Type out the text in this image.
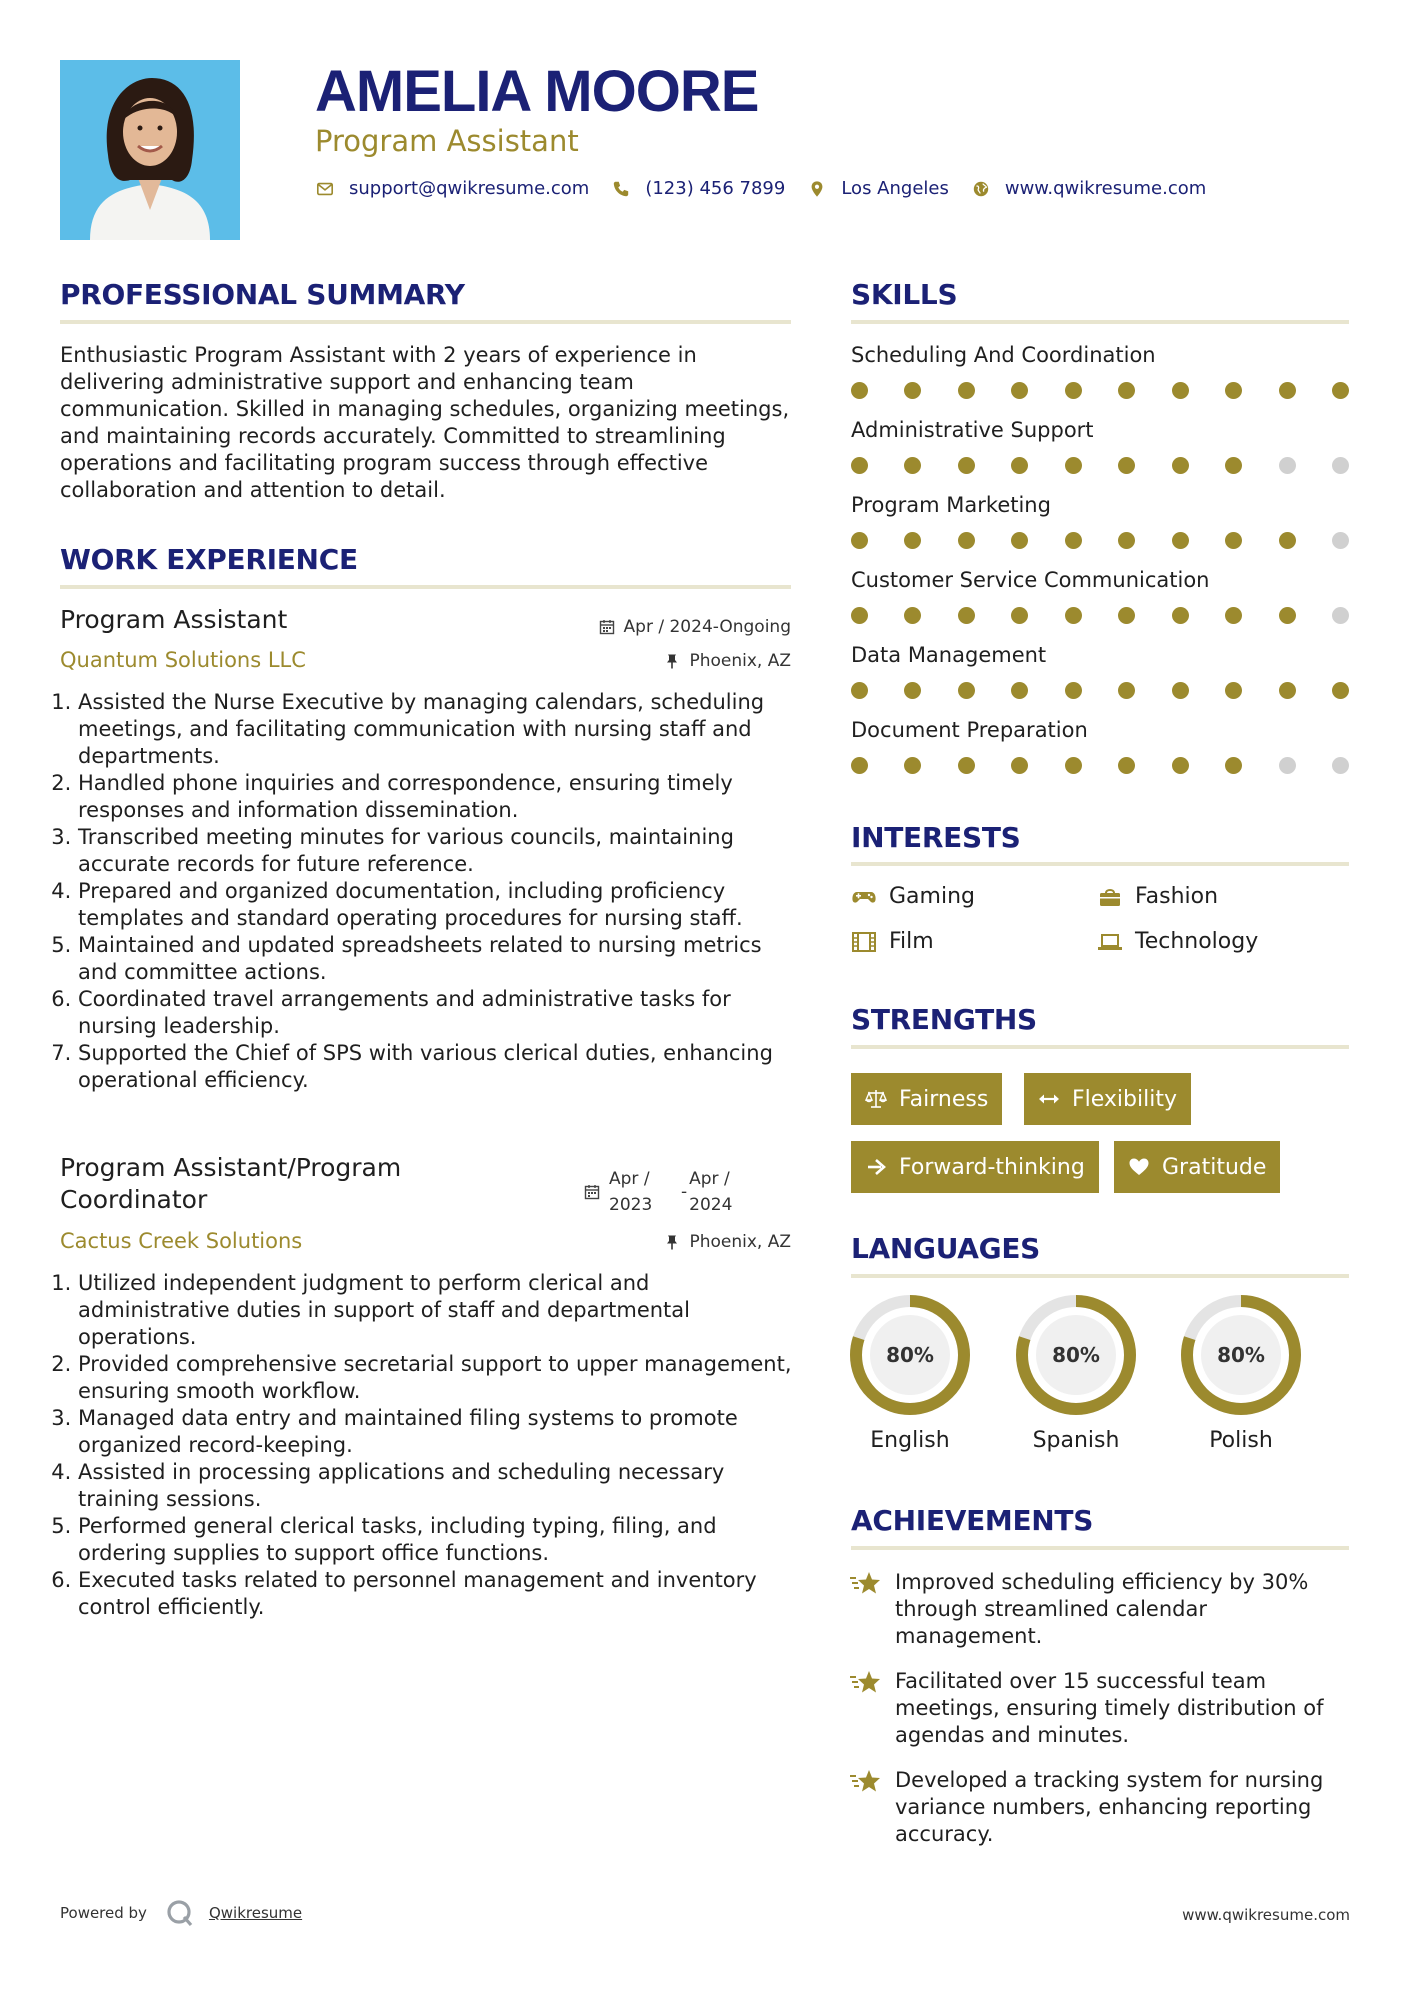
AMELIA MOORE
Program Assistant
support@qwikresume.com	(123) 456 7899	Los Angeles	www.qwikresume.com
PROFESSIONAL SUMMARY
Enthusiastic Program Assistant with 2 years of experience in delivering administrative support and enhancing team communication. Skilled in managing schedules, organizing meetings, and maintaining records accurately. Committed to streamlining operations and facilitating program success through effective collaboration and attention to detail.
WORK EXPERIENCE
Program Assistant	Apr / 2024-Ongoing
Quantum Solutions LLC	Phoenix, AZ
1. Assisted the Nurse Executive by managing calendars, scheduling meetings, and facilitating communication with nursing staff and departments.
2. Handled phone inquiries and correspondence, ensuring timely responses and information dissemination.
3. Transcribed meeting minutes for various councils, maintaining accurate records for future reference.
4. Prepared and organized documentation, including proficiency templates and standard operating procedures for nursing staff.
5. Maintained and updated spreadsheets related to nursing metrics and committee actions.
6. Coordinated travel arrangements and administrative tasks for nursing leadership.
7. Supported the Chief of SPS with various clerical duties, enhancing operational efficiency.
Program Assistant/Program Coordinator
Apr / 2023
-
Apr / 2024
Cactus Creek Solutions	Phoenix, AZ
1. Utilized independent judgment to perform clerical and administrative duties in support of staff and departmental operations.
2. Provided comprehensive secretarial support to upper management, ensuring smooth workflow.
3. Managed data entry and maintained filing systems to promote organized record-keeping.
4. Assisted in processing applications and scheduling necessary training sessions.
5. Performed general clerical tasks, including typing, filing, and ordering supplies to support office functions.
6. Executed tasks related to personnel management and inventory control efficiently.
SKILLS
Scheduling And Coordination
Administrative Support
Program Marketing
Customer Service Communication
Data Management
Document Preparation
INTERESTS
Gaming	Fashion
Film	Technology
STRENGTHS
Fairness	Flexibility
Forward-thinking	Gratitude
LANGUAGES
80%
English
80%
Spanish
80%
Polish
ACHIEVEMENTS
Improved scheduling efficiency by 30% through streamlined calendar management.
Facilitated over 15 successful team meetings, ensuring timely distribution of agendas and minutes.
Developed a tracking system for nursing variance numbers, enhancing reporting accuracy.
Powered by	Qwikresume	www.qwikresume.com
